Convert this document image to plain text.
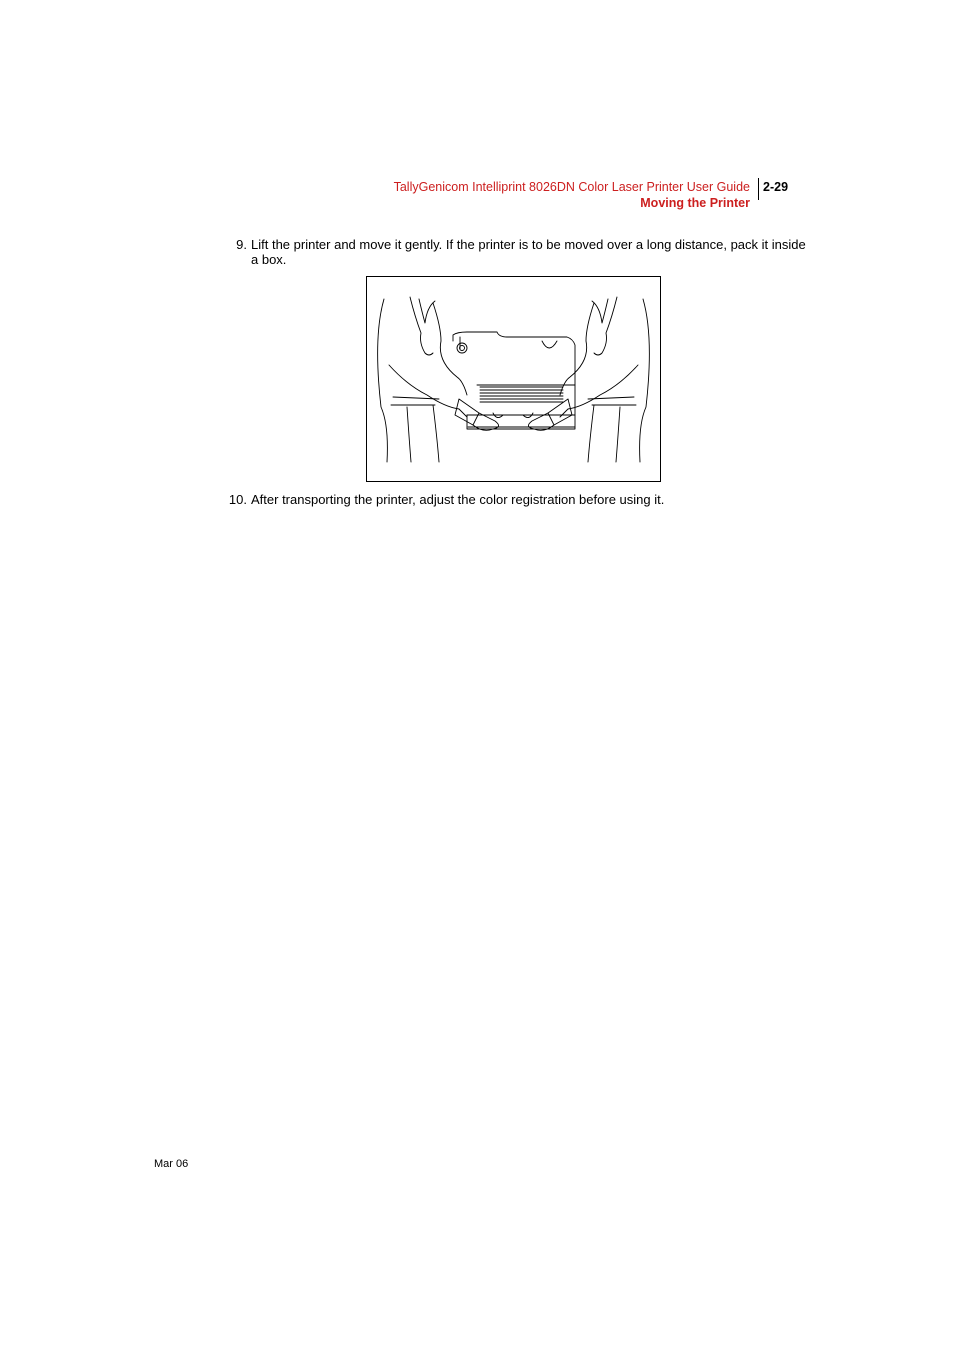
TallyGenicom Intelliprint 8026DN Color Laser Printer User Guide
Moving the Printer
2-29
9. Lift the printer and move it gently. If the printer is to be moved over a long distance, pack it inside a box.
10. After transporting the printer, adjust the color registration before using it.
Mar 06
